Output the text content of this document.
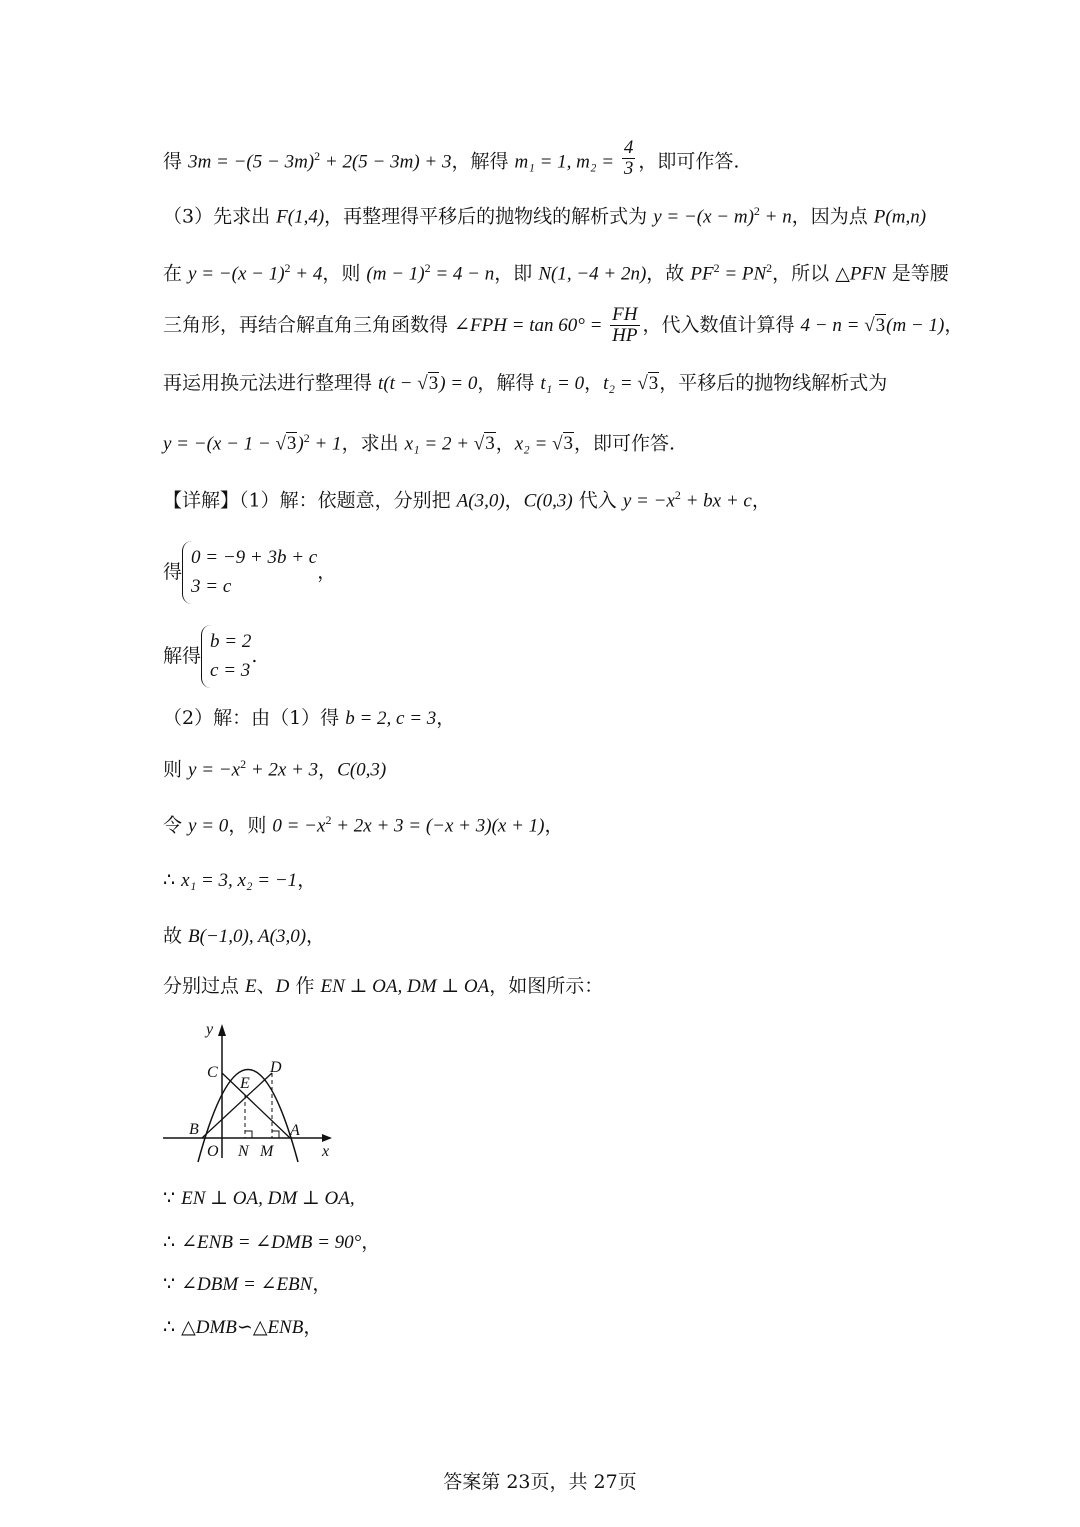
得 $3m = -(5 - 3m)^2 + 2(5 - 3m) + 3$，解得 m₁ = 1, $m_2 = \frac{4}{3}$ ，即可作答.
（3）先求出 F(1,4)，再整理得平移后的抛物线的解析式为 $y = -(x - m)^2 + n$，因为点 P(m,n)
在 $y = -(x - 1)^2 + 4$，则 $(m - 1)^2 = 4 - n$，即 N(1, −4 + 2n)，故 $PF^2 = PN^2$，所以 △PFN 是等腰
三角形，再结合解直角三角函数得 ∠FPH = $\tan 60^\circ = \frac{FH}{HP}$ ，代入数值计算得 4 − n = √3(m − 1)，
再运用换元法进行整理得 t(t − √3) = 0，解得 t₁ = 0，t₂ = √3，平移后的抛物线解析式为
$y = -(x - 1 - √3)^2 + 1$，求出 x₁ = 2 + √3，x₂ = √3，即可作答.
【详解】（1）解：依题意，分别把 A(3,0)，C(0,3) 代入 $y = -x^2$ + bx + c，
得
0 = −9 + 3b + c
3 = c
，
解得
b = 2
c = 3
.
（2）解：由（1）得 b = 2, c = 3，
则 $y = -x^2 + 2x + 3$，C(0,3)
令 y = 0，则 $0 = -x^2 + 2x + 3 = (-x + 3)(x + 1)$，
∴ x₁ = 3, x₂ = −1，
故 B(−1,0), A(3,0)，
分别过点 E、D 作 EN ⊥ OA, DM ⊥ OA，如图所示：
y
x
C	D
E
B	A
O N M
∵ EN ⊥ OA, DM ⊥ OA,
∴ ∠ENB = ∠DMB = 90°，
∵ ∠DBM = ∠EBN，
∴ △DMB∽△ENB，
答案第 23页，共 27页
